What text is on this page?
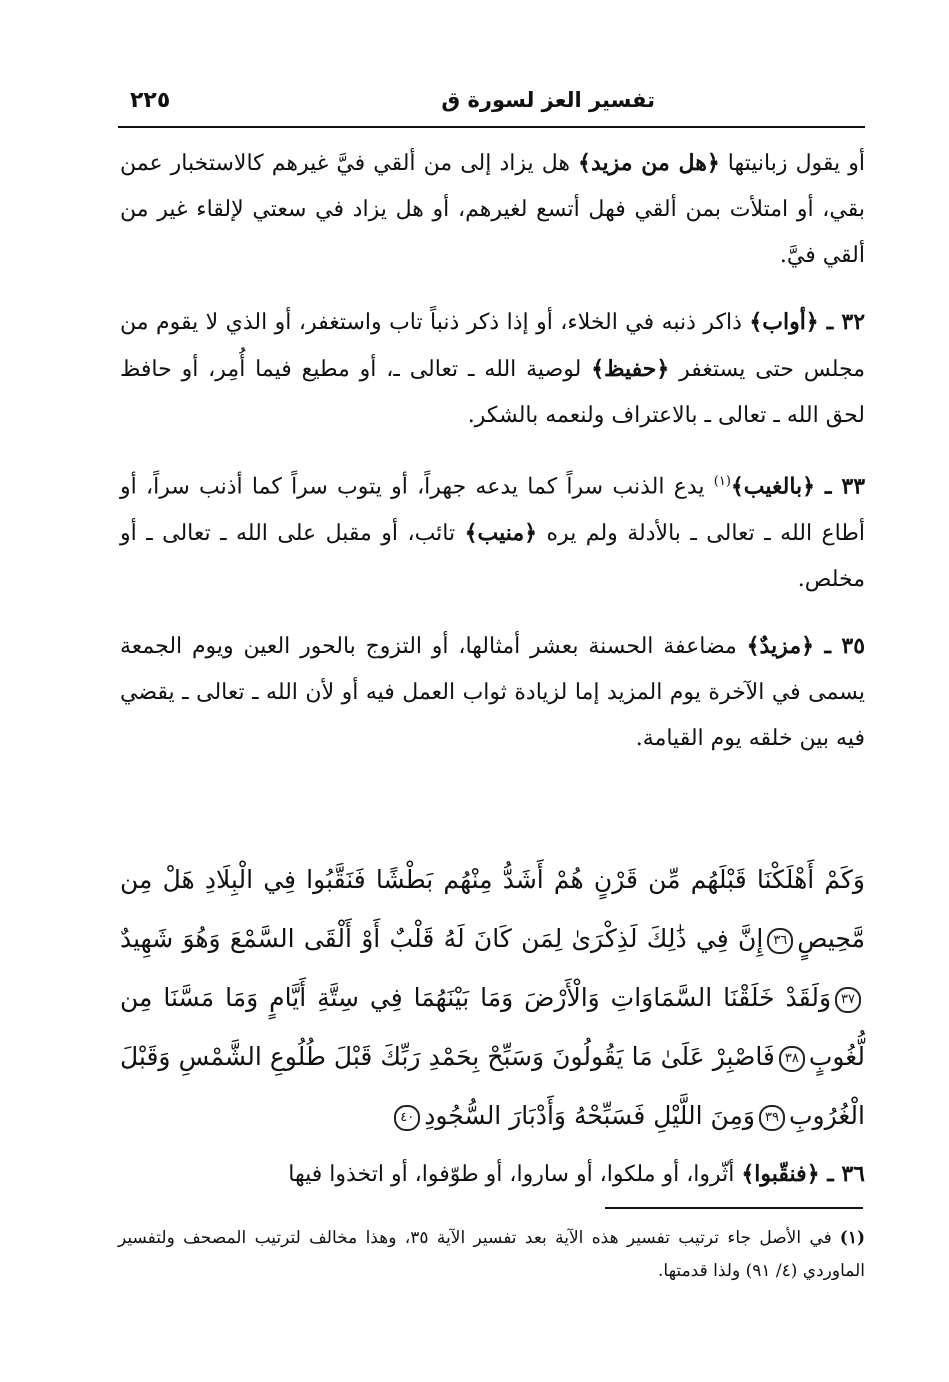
تفسير العز لسورة ق
٢٢٥

أو يقول زبانيتها ﴿هل من مزيد﴾ هل يزاد إلى من ألقي فيَّ غيرهم كالاستخبار عمن بقي، أو امتلأت بمن ألقي فهل أتسع لغيرهم، أو هل يزاد في سعتي لإلقاء غير من ألقي فيَّ.

٣٢ ـ ﴿أواب﴾ ذاكر ذنبه في الخلاء، أو إذا ذكر ذنباً تاب واستغفر، أو الذي لا يقوم من مجلس حتى يستغفر ﴿حفيظ﴾ لوصية الله ـ تعالى ـ، أو مطيع فيما أُمِر، أو حافظ لحق الله ـ تعالى ـ بالاعتراف ولنعمه بالشكر.

٣٣ ـ ﴿بالغيب﴾$^{(١)}$ يدع الذنب سراً كما يدعه جهراً، أو يتوب سراً كما أذنب سراً، أو أطاع الله ـ تعالى ـ بالأدلة ولم يره ﴿منيب﴾ تائب، أو مقبل على الله ـ تعالى ـ أو مخلص.

٣٥ ـ ﴿مزيدٌ﴾ مضاعفة الحسنة بعشر أمثالها، أو التزوج بالحور العين ويوم الجمعة يسمى في الآخرة يوم المزيد إما لزيادة ثواب العمل فيه أو لأن الله ـ تعالى ـ يقضي فيه بين خلقه يوم القيامة.

وَكَمْ أَهْلَكْنَا قَبْلَهُم مِّن قَرْنٍ هُمْ أَشَدُّ مِنْهُم بَطْشًا فَنَقَّبُوا فِي الْبِلَادِ هَلْ مِن مَّحِيصٍ٣٦إِنَّ فِي ذَٰلِكَ لَذِكْرَىٰ لِمَن كَانَ لَهُ قَلْبٌ أَوْ أَلْقَى السَّمْعَ وَهُوَ شَهِيدٌ٣٧وَلَقَدْ خَلَقْنَا السَّمَاوَاتِ وَالْأَرْضَ وَمَا بَيْنَهُمَا فِي سِتَّةِ أَيَّامٍ وَمَا مَسَّنَا مِن لُّغُوبٍ٣٨فَاصْبِرْ عَلَىٰ مَا يَقُولُونَ وَسَبِّحْ بِحَمْدِ رَبِّكَ قَبْلَ طُلُوعِ الشَّمْسِ وَقَبْلَ الْغُرُوبِ٣٩وَمِنَ اللَّيْلِ فَسَبِّحْهُ وَأَدْبَارَ السُّجُودِ٤٠

٣٦ ـ ﴿فنقّبوا﴾ أثّروا، أو ملكوا، أو ساروا، أو طوّفوا، أو اتخذوا فيها

(١)في الأصل جاء ترتيب تفسير هذه الآية بعد تفسير الآية ٣٥، وهذا مخالف لترتيب المصحف ولتفسير الماوردي (٤/ ٩١) ولذا قدمتها.
